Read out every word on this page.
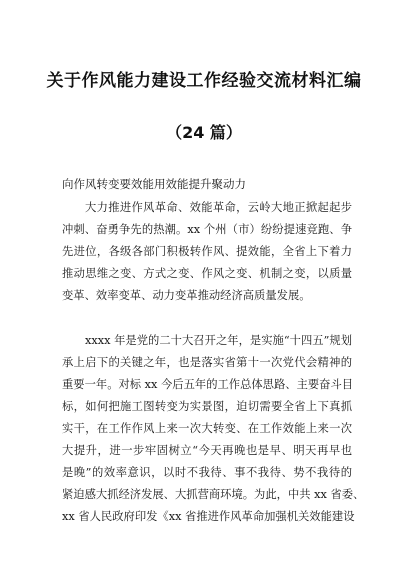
关于作风能力建设工作经验交流材料汇编
（24 篇）
向作风转变要效能用效能提升聚动力
大力推进作风革命、效能革命，云岭大地正掀起起步
冲刺、奋勇争先的热潮。xx 个州（市）纷纷提速竞跑、争
先进位，各级各部门积极转作风、提效能，全省上下着力
推动思维之变、方式之变、作风之变、机制之变，以质量
变革、效率变革、动力变革推动经济高质量发展。
xxxx 年是党的二十大召开之年，是实施“十四五”规划
承上启下的关键之年，也是落实省第十一次党代会精神的
重要一年。对标 xx 今后五年的工作总体思路、主要奋斗目
标，如何把施工图转变为实景图，迫切需要全省上下真抓
实干，在工作作风上来一次大转变、在工作效能上来一次
大提升，进一步牢固树立“今天再晚也是早、明天再早也
是晚”的效率意识，以时不我待、事不我待、势不我待的
紧迫感大抓经济发展、大抓营商环境。为此，中共 xx 省委、
xx 省人民政府印发《xx 省推进作风革命加强机关效能建设
